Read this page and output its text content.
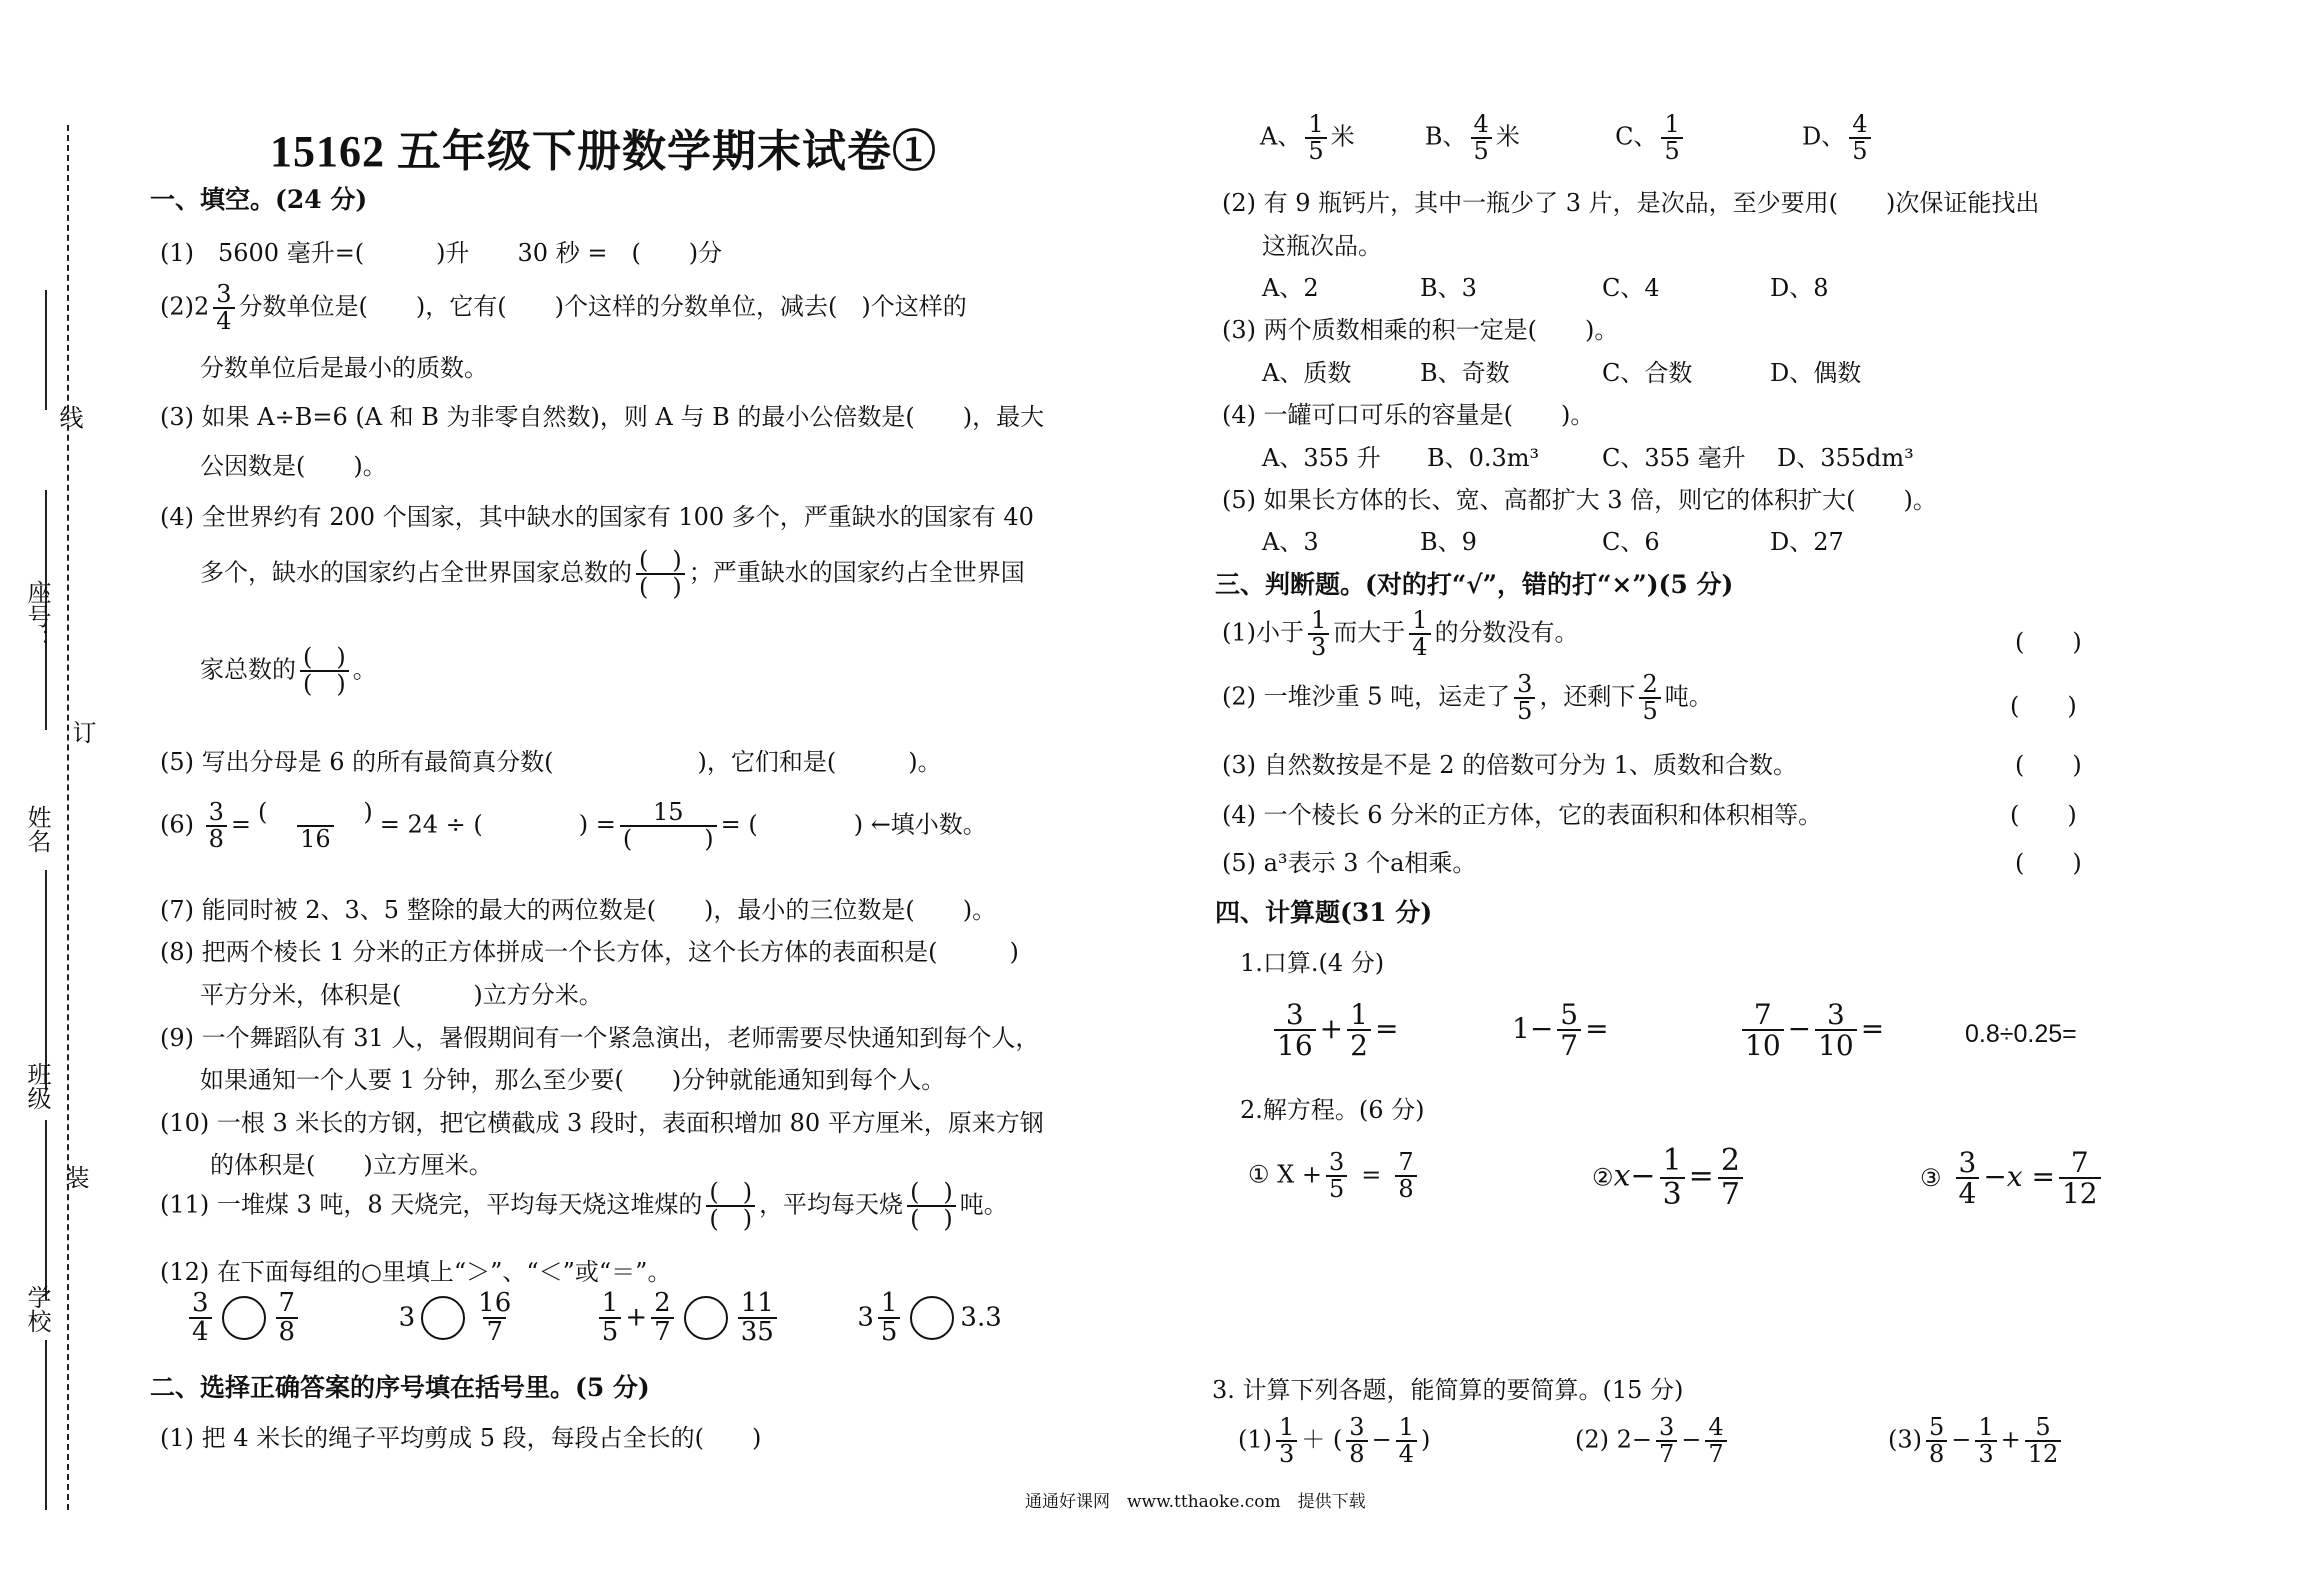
线
座号：
订
姓名
班级
装
学校
15162 五年级下册数学期末试卷①
一、填空。(24 分)
(1)　5600 毫升=(　　　)升　　30 秒 =　(　　)分
$(2)2 \frac{3}{4}$ 分数单位是(　　)，它有(　　)个这样的分数单位，减去(　)个这样的
分数单位后是最小的质数。
(3) 如果 A÷B=6 (A 和 B 为非零自然数)，则 A 与 B 的最小公倍数是(　　)，最大
公因数是(　　)。
(4) 全世界约有 200 个国家，其中缺水的国家有 100 多个，严重缺水的国家有 40
多个，缺水的国家约占全世界国家总数的 $\frac{( )}{( )}$ ；严重缺水的国家约占全世界国
家总数的 $\frac{( )}{( )}$ 。
(5) 写出分母是 6 的所有最简真分数(　　　　　　)，它们和是(　　　)。
$(6) \frac{3}{8} = \frac{( )}{16} = 24$ ÷ (　　　　) = $\frac{15}{( )}$ = (　　　　) ←填小数。
(7) 能同时被 2、3、5 整除的最大的两位数是(　　)，最小的三位数是(　　)。
(8) 把两个棱长 1 分米的正方体拼成一个长方体，这个长方体的表面积是(　　　)
平方分米，体积是(　　　)立方分米。
(9) 一个舞蹈队有 31 人，暑假期间有一个紧急演出，老师需要尽快通知到每个人，
如果通知一个人要 1 分钟，那么至少要(　　)分钟就能通知到每个人。
(10) 一根 3 米长的方钢，把它横截成 3 段时，表面积增加 80 平方厘米，原来方钢
的体积是(　　)立方厘米。
(11) 一堆煤 3 吨，8 天烧完，平均每天烧这堆煤的 $\frac{( )}{( )}$ ，平均每天烧 $\frac{( )}{( )}$ 吨。
(12) 在下面每组的○里填上“＞”、“＜”或“＝”。
$\frac{3}{4} \frac{7}{8}$	$3 \frac{16}{7}$
	$\frac{1}{5} + \frac{2}{7} \frac{11}{35}$	$3 \frac{1}{5} 3.3$
二、选择正确答案的序号填在括号里。(5 分)
(1) 把 4 米长的绳子平均剪成 5 段，每段占全长的(　　)
A、 $\frac{1}{5}$ 米	B、 $\frac{4}{5}$ 米	C、 $\frac{1}{5}$	D、 $\frac{4}{5}$
(2) 有 9 瓶钙片，其中一瓶少了 3 片，是次品，至少要用(　　)次保证能找出
这瓶次品。
A、2	B、3	C、4	D、8
(3) 两个质数相乘的积一定是(　　)。
A、质数	B、奇数	C、合数	D、偶数
(4) 一罐可口可乐的容量是(　　)。
A、355 升 B、0.3m³	C、355 毫升 D、355dm³
(5) 如果长方体的长、宽、高都扩大 3 倍，则它的体积扩大(　　)。
A、3	B、9	C、6	D、27
三、判断题。(对的打“√”，错的打“×”)(5 分)
(1)小于 $\frac{1}{3}$ 而大于 $\frac{1}{4}$ 的分数没有。	(　　)
(2) 一堆沙重 5 吨，运走了 $\frac{3}{5}$ ，还剩下 $\frac{2}{5}$ 吨。	(　　)
(3) 自然数按是不是 2 的倍数可分为 1、质数和合数。	(　　)
(4) 一个棱长 6 分米的正方体，它的表面积和体积相等。	(　　)
(5) a³表示 3 个a相乘。	(　　)
四、计算题(31 分)
1.口算.(4 分)
$\frac{3}{16} + \frac{1}{2}$ =	$1- \frac{5}{7}$ =	$\frac{7}{10} - \frac{3}{10}$ =	0.8÷0.25=
2.解方程。(6 分)
① $X + \frac{3}{5} = \frac{7}{8}$	②x− $\frac{1}{3} = \frac{2}{7}$	③ $\frac{3}{4} -x = \frac{7}{12}$
3. 计算下列各题，能简算的要简算。(15 分)
$(1) \frac{1}{3}$ ＋ ( $\frac{3}{8} - \frac{1}{4}$ )	(2) $2- \frac{3}{7} - \frac{4}{7}$	$(3) \frac{5}{8} - \frac{1}{3} + \frac{5}{12}$
通通好课网　www.tthaoke.com　提供下载
